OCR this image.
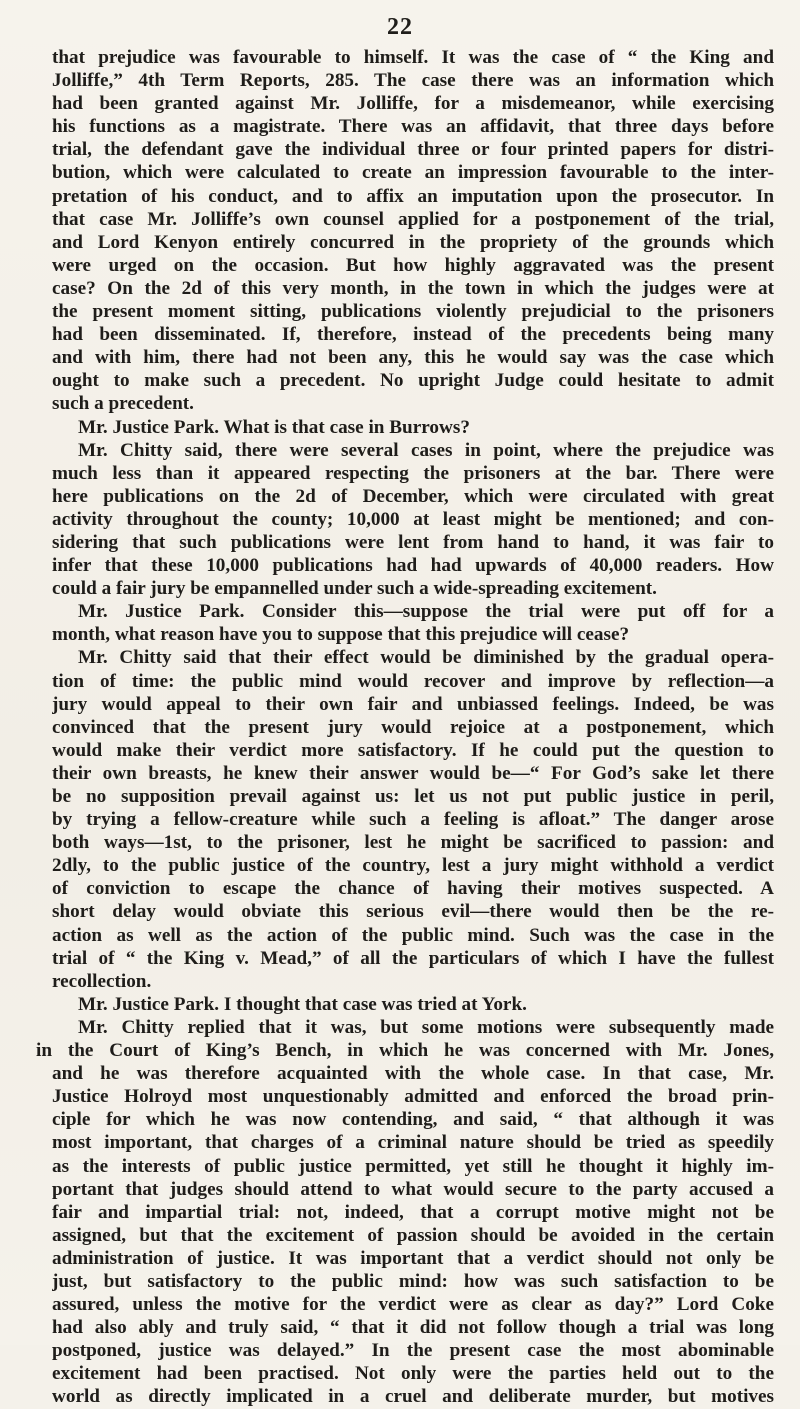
22
that prejudice was favourable to himself. It was the case of “ the King and
Jolliffe,” 4th Term Reports, 285. The case there was an information which
had been granted against Mr. Jolliffe, for a misdemeanor, while exercising
his functions as a magistrate. There was an affidavit, that three days before
trial, the defendant gave the individual three or four printed papers for distri-
bution, which were calculated to create an impression favourable to the inter-
pretation of his conduct, and to affix an imputation upon the prosecutor. In
that case Mr. Jolliffe’s own counsel applied for a postponement of the trial,
and Lord Kenyon entirely concurred in the propriety of the grounds which
were urged on the occasion. But how highly aggravated was the present
case? On the 2d of this very month, in the town in which the judges were at
the present moment sitting, publications violently prejudicial to the prisoners
had been disseminated. If, therefore, instead of the precedents being many
and with him, there had not been any, this he would say was the case which
ought to make such a precedent. No upright Judge could hesitate to admit
such a precedent.
Mr. Justice Park. What is that case in Burrows?
Mr. Chitty said, there were several cases in point, where the prejudice was
much less than it appeared respecting the prisoners at the bar. There were
here publications on the 2d of December, which were circulated with great
activity throughout the county; 10,000 at least might be mentioned; and con-
sidering that such publications were lent from hand to hand, it was fair to
infer that these 10,000 publications had had upwards of 40,000 readers. How
could a fair jury be empannelled under such a wide-spreading excitement.
Mr. Justice Park. Consider this—suppose the trial were put off for a
month, what reason have you to suppose that this prejudice will cease?
Mr. Chitty said that their effect would be diminished by the gradual opera-
tion of time: the public mind would recover and improve by reflection—a
jury would appeal to their own fair and unbiassed feelings. Indeed, be was
convinced that the present jury would rejoice at a postponement, which
would make their verdict more satisfactory. If he could put the question to
their own breasts, he knew their answer would be—“ For God’s sake let there
be no supposition prevail against us: let us not put public justice in peril,
by trying a fellow-creature while such a feeling is afloat.” The danger arose
both ways—1st, to the prisoner, lest he might be sacrificed to passion: and
2dly, to the public justice of the country, lest a jury might withhold a verdict
of conviction to escape the chance of having their motives suspected. A
short delay would obviate this serious evil—there would then be the re-
action as well as the action of the public mind. Such was the case in the
trial of “ the King v. Mead,” of all the particulars of which I have the fullest
recollection.
Mr. Justice Park. I thought that case was tried at York.
Mr. Chitty replied that it was, but some motions were subsequently made
in the Court of King’s Bench, in which he was concerned with Mr. Jones,
and he was therefore acquainted with the whole case. In that case, Mr.
Justice Holroyd most unquestionably admitted and enforced the broad prin-
ciple for which he was now contending, and said, “ that although it was
most important, that charges of a criminal nature should be tried as speedily
as the interests of public justice permitted, yet still he thought it highly im-
portant that judges should attend to what would secure to the party accused a
fair and impartial trial: not, indeed, that a corrupt motive might not be
assigned, but that the excitement of passion should be avoided in the certain
administration of justice. It was important that a verdict should not only be
just, but satisfactory to the public mind: how was such satisfaction to be
assured, unless the motive for the verdict were as clear as day?” Lord Coke
had also ably and truly said, “ that it did not follow though a trial was long
postponed, justice was delayed.” In the present case the most abominable
excitement had been practised. Not only were the parties held out to the
world as directly implicated in a cruel and deliberate murder, but motives
